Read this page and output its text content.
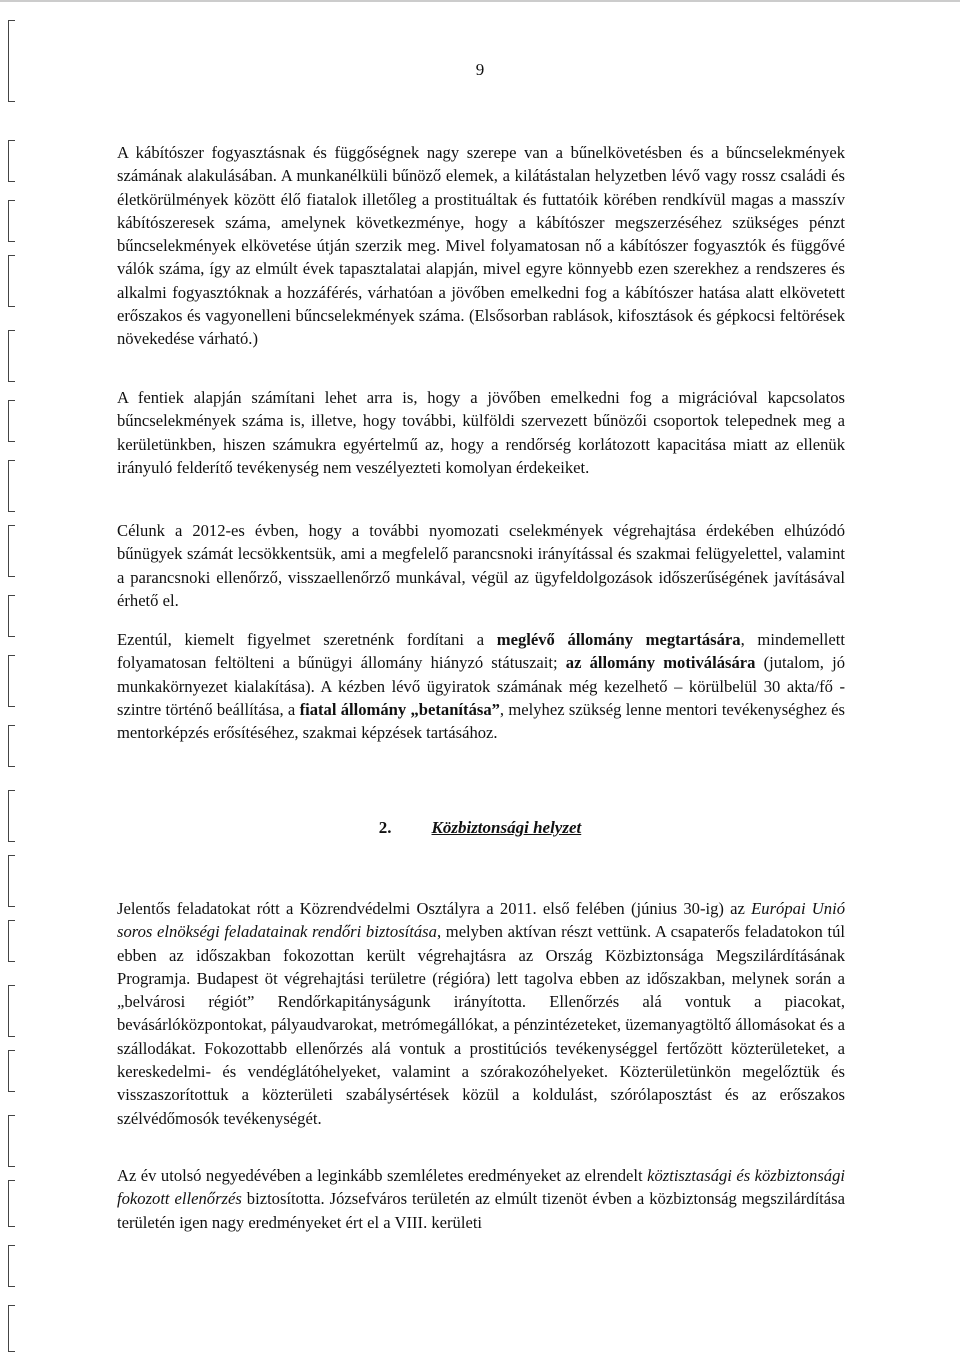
9

A kábítószer fogyasztásnak és függőségnek nagy szerepe van a bűnelkövetésben és a bűncselekmények számának alakulásában. A munkanélküli bűnöző elemek, a kilátástalan helyzetben lévő vagy rossz családi és életkörülmények között élő fiatalok illetőleg a prostituáltak és futtatóik körében rendkívül magas a masszív kábítószeresek száma, amelynek következménye, hogy a kábítószer megszerzéséhez szükséges pénzt bűncselekmények elkövetése útján szerzik meg. Mivel folyamatosan nő a kábítószer fogyasztók és függővé válók száma, így az elmúlt évek tapasztalatai alapján, mivel egyre könnyebb ezen szerekhez a rendszeres és alkalmi fogyasztóknak a hozzáférés, várhatóan a jövőben emelkedni fog a kábítószer hatása alatt elkövetett erőszakos és vagyonelleni bűncselekmények száma. (Elsősorban rablások, kifosztások és gépkocsi feltörések növekedése várható.)

A fentiek alapján számítani lehet arra is, hogy a jövőben emelkedni fog a migrációval kapcsolatos bűncselekmények száma is, illetve, hogy további, külföldi szervezett bűnözői csoportok telepednek meg a kerületünkben, hiszen számukra egyértelmű az, hogy a rendőrség korlátozott kapacitása miatt az ellenük irányuló felderítő tevékenység nem veszélyezteti komolyan érdekeiket.

Célunk a 2012-es évben, hogy a további nyomozati cselekmények végrehajtása érdekében elhúzódó bűnügyek számát lecsökkentsük, ami a megfelelő parancsnoki irányítással és szakmai felügyelettel, valamint a parancsnoki ellenőrző, visszaellenőrző munkával, végül az ügyfeldolgozások időszerűségének javításával érhető el.

Ezentúl, kiemelt figyelmet szeretnénk fordítani a meglévő állomány megtartására, mindemellett folyamatosan feltölteni a bűnügyi állomány hiányzó státuszait; az állomány motiválására (jutalom, jó munkakörnyezet kialakítása). A kézben lévő ügyiratok számának még kezelhető – körülbelül 30 akta/fő - szintre történő beállítása, a fiatal állomány „betanítása”, melyhez szükség lenne mentori tevékenységhez és mentorképzés erősítéséhez, szakmai képzések tartásához.

2. Közbiztonsági helyzet

Jelentős feladatokat rótt a Közrendvédelmi Osztályra a 2011. első felében (június 30-ig) az Európai Unió soros elnökségi feladatainak rendőri biztosítása, melyben aktívan részt vettünk. A csapaterős feladatokon túl ebben az időszakban fokozottan került végrehajtásra az Ország Közbiztonsága Megszilárdításának Programja. Budapest öt végrehajtási területre (régióra) lett tagolva ebben az időszakban, melynek során a „belvárosi régiót” Rendőrkapitányságunk irányította. Ellenőrzés alá vontuk a piacokat, bevásárlóközpontokat, pályaudvarokat, metrómegállókat, a pénzintézeteket, üzemanyagtöltő állomásokat és a szállodákat. Fokozottabb ellenőrzés alá vontuk a prostitúciós tevékenységgel fertőzött közterületeket, a kereskedelmi- és vendéglátóhelyeket, valamint a szórakozóhelyeket. Közterületünkön megelőztük és visszaszorítottuk a közterületi szabálysértések közül a koldulást, szórólaposztást és az erőszakos szélvédőmosók tevékenységét.

Az év utolsó negyedévében a leginkább szemléletes eredményeket az elrendelt köztisztasági és közbiztonsági fokozott ellenőrzés biztosította. Józsefváros területén az elmúlt tizenöt évben a közbiztonság megszilárdítása területén igen nagy eredményeket ért el a VIII. kerületi
